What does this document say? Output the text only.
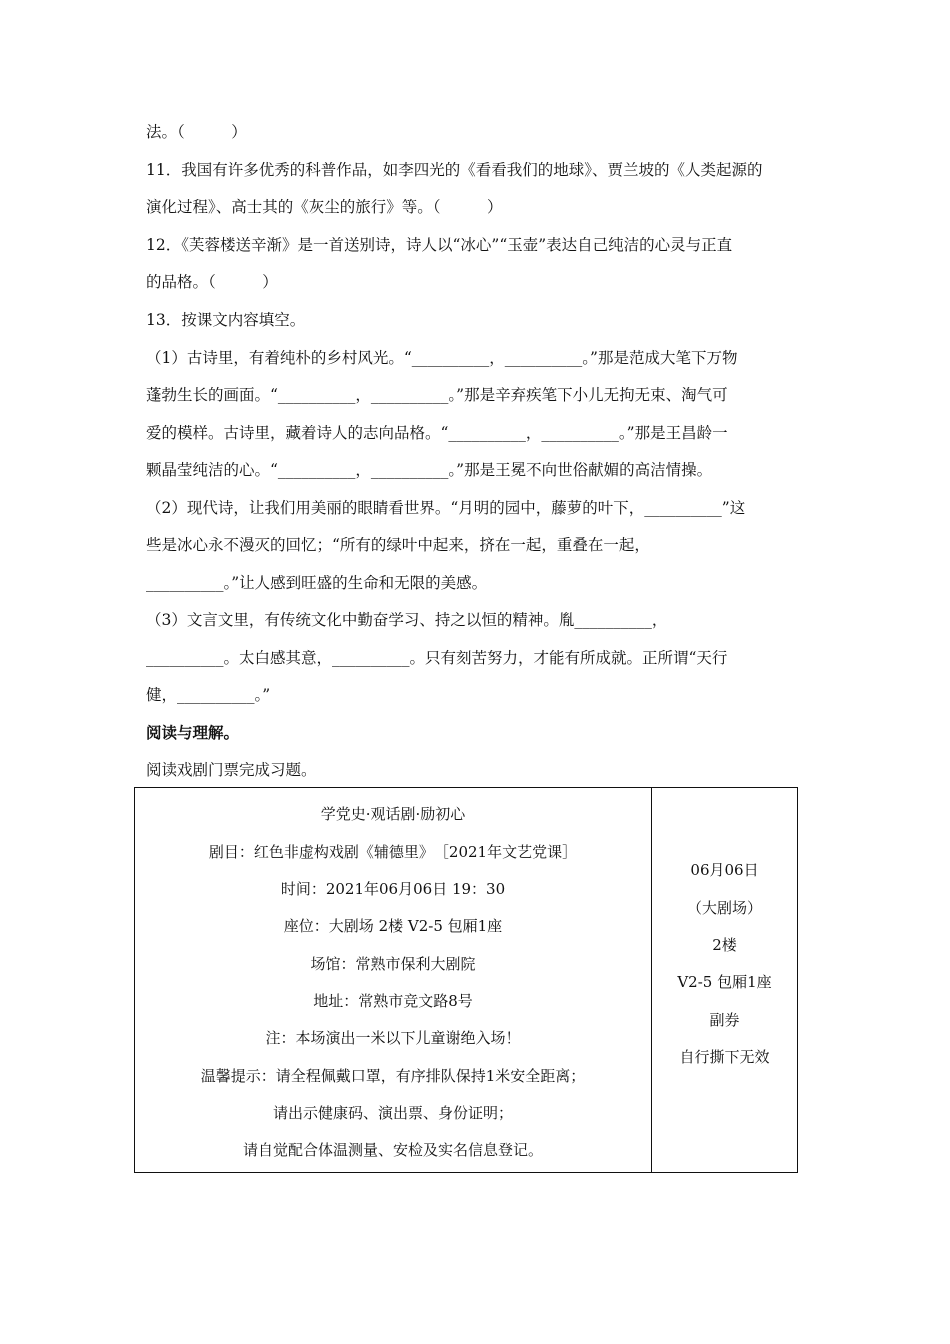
法。（　　　）
11．我国有许多优秀的科普作品，如李四光的《看看我们的地球》、贾兰坡的《人类起源的
演化过程》、高士其的《灰尘的旅行》等。（　　　）
12．《芙蓉楼送辛渐》是一首送别诗，诗人以“冰心”“玉壶”表达自己纯洁的心灵与正直
的品格。（　　　）
13．按课文内容填空。
（1）古诗里，有着纯朴的乡村风光。“__________，__________。”那是范成大笔下万物
蓬勃生长的画面。“__________，__________。”那是辛弃疾笔下小儿无拘无束、淘气可
爱的模样。古诗里，藏着诗人的志向品格。“__________，__________。”那是王昌龄一
颗晶莹纯洁的心。“__________，__________。”那是王冕不向世俗献媚的高洁情操。
（2）现代诗，让我们用美丽的眼睛看世界。“月明的园中，藤萝的叶下，__________”这
些是冰心永不漫灭的回忆；“所有的绿叶中起来，挤在一起，重叠在一起，
__________。”让人感到旺盛的生命和无限的美感。
（3）文言文里，有传统文化中勤奋学习、持之以恒的精神。胤__________，
__________。太白感其意，__________。只有刻苦努力，才能有所成就。正所谓“天行
健，__________。”
阅读与理解。
阅读戏剧门票完成习题。
学党史·观话剧·励初心
剧目：红色非虚构戏剧《辅德里》　［2021年文艺党课］
时间：2021年06月06日 19：30
座位：大剧场 2楼 V2-5 包厢1座
场馆：常熟市保利大剧院
地址：常熟市竞文路8号
注：本场演出一米以下儿童谢绝入场！
温馨提示：请全程佩戴口罩，有序排队保持1米安全距离；
请出示健康码、演出票、身份证明；
请自觉配合体温测量、安检及实名信息登记。
06月06日
（大剧场）
2楼
V2-5 包厢1座
副券
自行撕下无效
